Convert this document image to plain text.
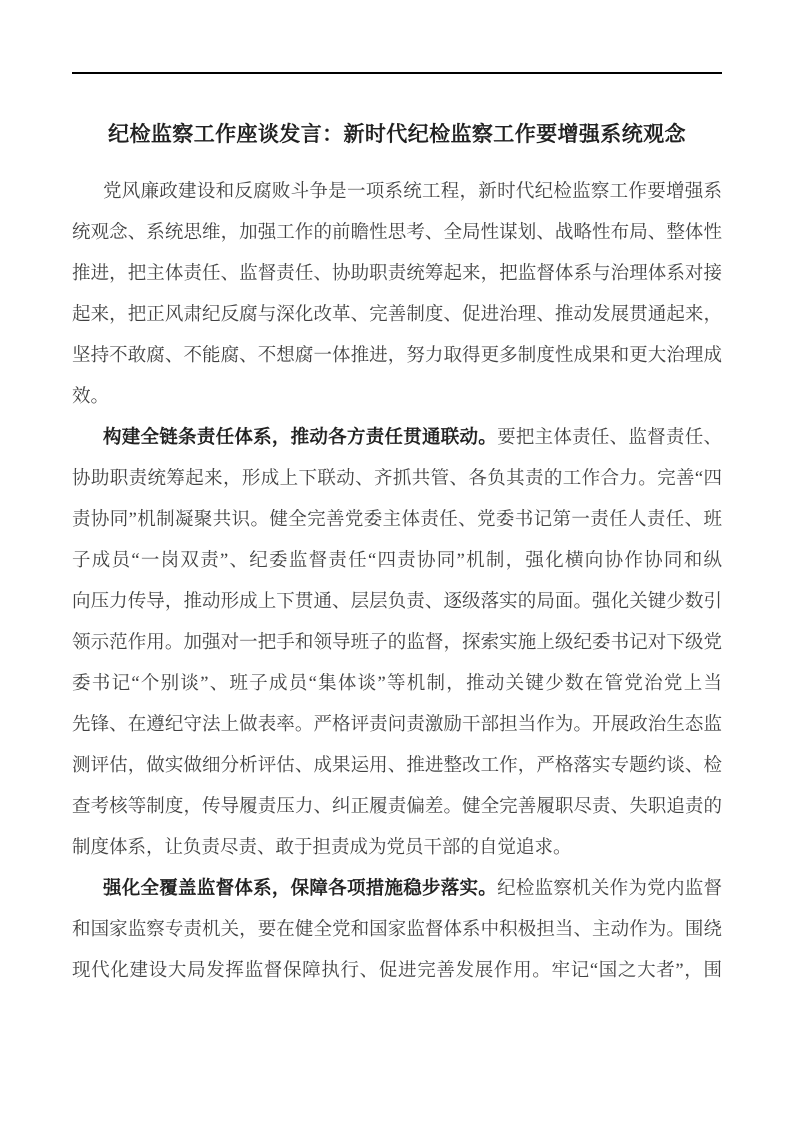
纪检监察工作座谈发言：新时代纪检监察工作要增强系统观念
党风廉政建设和反腐败斗争是一项系统工程，新时代纪检监察工作要增强系
统观念、系统思维，加强工作的前瞻性思考、全局性谋划、战略性布局、整体性
推进，把主体责任、监督责任、协助职责统筹起来，把监督体系与治理体系对接
起来，把正风肃纪反腐与深化改革、完善制度、促进治理、推动发展贯通起来，
坚持不敢腐、不能腐、不想腐一体推进，努力取得更多制度性成果和更大治理成
效。
构建全链条责任体系，推动各方责任贯通联动。要把主体责任、监督责任、
协助职责统筹起来，形成上下联动、齐抓共管、各负其责的工作合力。完善“四
责协同”机制凝聚共识。健全完善党委主体责任、党委书记第一责任人责任、班
子成员“一岗双责”、纪委监督责任“四责协同”机制，强化横向协作协同和纵
向压力传导，推动形成上下贯通、层层负责、逐级落实的局面。强化关键少数引
领示范作用。加强对一把手和领导班子的监督，探索实施上级纪委书记对下级党
委书记“个别谈”、班子成员“集体谈”等机制，推动关键少数在管党治党上当
先锋、在遵纪守法上做表率。严格评责问责激励干部担当作为。开展政治生态监
测评估，做实做细分析评估、成果运用、推进整改工作，严格落实专题约谈、检
查考核等制度，传导履责压力、纠正履责偏差。健全完善履职尽责、失职追责的
制度体系，让负责尽责、敢于担责成为党员干部的自觉追求。
强化全覆盖监督体系，保障各项措施稳步落实。纪检监察机关作为党内监督
和国家监察专责机关，要在健全党和国家监督体系中积极担当、主动作为。围绕
现代化建设大局发挥监督保障执行、促进完善发展作用。牢记“国之大者”，围
